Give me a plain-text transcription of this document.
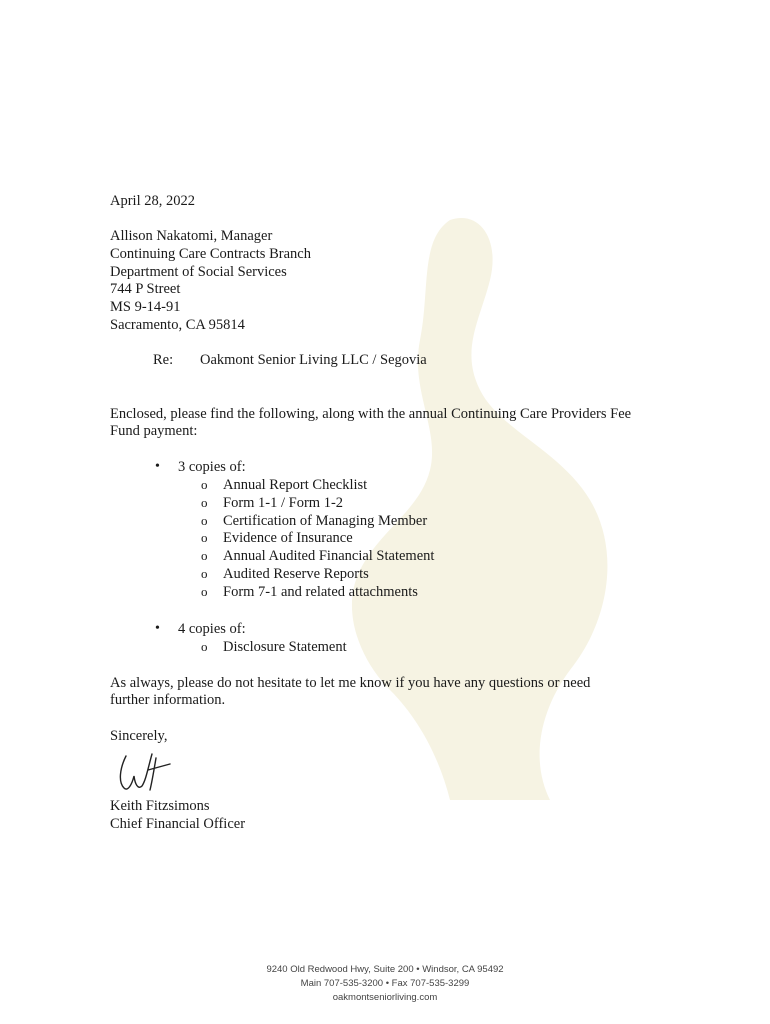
April 28, 2022
Allison Nakatomi, Manager
Continuing Care Contracts Branch
Department of Social Services
744 P Street
MS 9-14-91
Sacramento, CA 95814
Re: Oakmont Senior Living LLC / Segovia
Enclosed, please find the following, along with the annual Continuing Care Providers Fee
Fund payment:
• 3 copies of:
o Annual Report Checklist
o Form 1-1 / Form 1-2
o Certification of Managing Member
o Evidence of Insurance
o Annual Audited Financial Statement
o Audited Reserve Reports
o Form 7-1 and related attachments
• 4 copies of:
o Disclosure Statement
As always, please do not hesitate to let me know if you have any questions or need
further information.
Sincerely,
Keith Fitzsimons
Chief Financial Officer
9240 Old Redwood Hwy, Suite 200 • Windsor, CA 95492
Main 707-535-3200 • Fax 707-535-3299
oakmontseniorliving.com
